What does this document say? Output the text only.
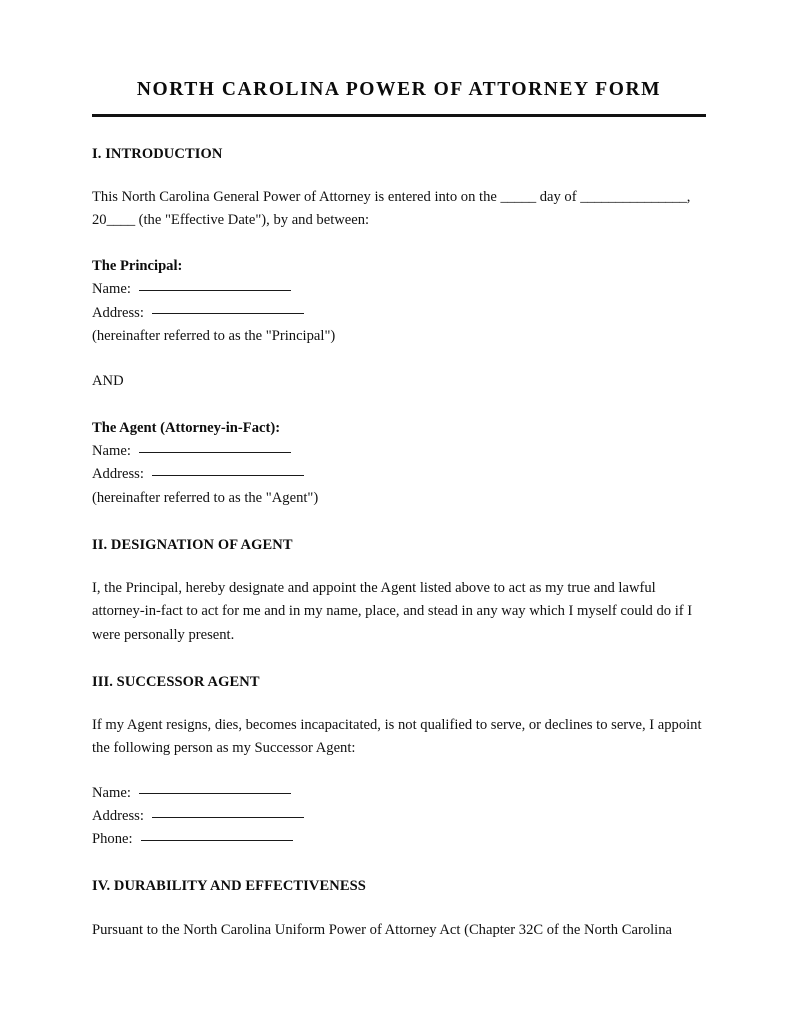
NORTH CAROLINA POWER OF ATTORNEY FORM
I. INTRODUCTION

This North Carolina General Power of Attorney is entered into on the _____ day of _______________, 20____ (the "Effective Date"), by and between:

The Principal:

Name:

Address:

(hereinafter referred to as the "Principal")

AND

The Agent (Attorney-in-Fact):

Name:

Address:

(hereinafter referred to as the "Agent")

II. DESIGNATION OF AGENT

I, the Principal, hereby designate and appoint the Agent listed above to act as my true and lawful attorney-in-fact to act for me and in my name, place, and stead in any way which I myself could do if I were personally present.

III. SUCCESSOR AGENT

If my Agent resigns, dies, becomes incapacitated, is not qualified to serve, or declines to serve, I appoint the following person as my Successor Agent:

Name:

Address:

Phone:

IV. DURABILITY AND EFFECTIVENESS

Pursuant to the North Carolina Uniform Power of Attorney Act (Chapter 32C of the North Carolina
